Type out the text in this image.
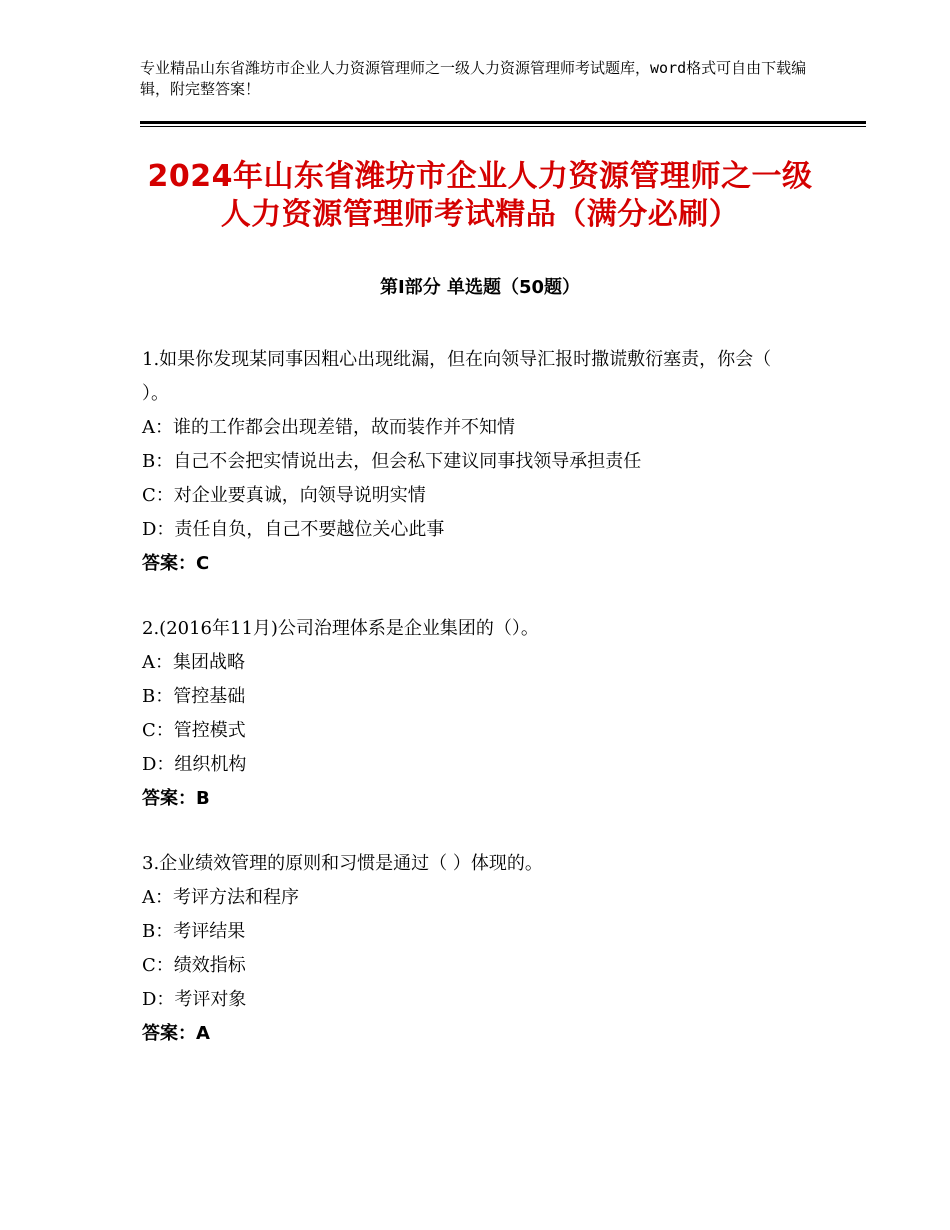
专业精品山东省潍坊市企业人力资源管理师之一级人力资源管理师考试题库，word格式可自由下载编辑，附完整答案！
2024年山东省潍坊市企业人力资源管理师之一级人力资源管理师考试精品（满分必刷）
第Ⅰ部分 单选题（50题）

1.如果你发现某同事因粗心出现纰漏，但在向领导汇报时撒谎敷衍塞责，你会（ ）。

A：谁的工作都会出现差错，故而装作并不知情

B：自己不会把实情说出去，但会私下建议同事找领导承担责任

C：对企业要真诚，向领导说明实情

D：责任自负，自己不要越位关心此事

答案：C

2.(2016年11月)公司治理体系是企业集团的（）。

A：集团战略

B：管控基础

C：管控模式

D：组织机构

答案：B

3.企业绩效管理的原则和习惯是通过（ ）体现的。

A：考评方法和程序

B：考评结果

C：绩效指标

D：考评对象

答案：A
